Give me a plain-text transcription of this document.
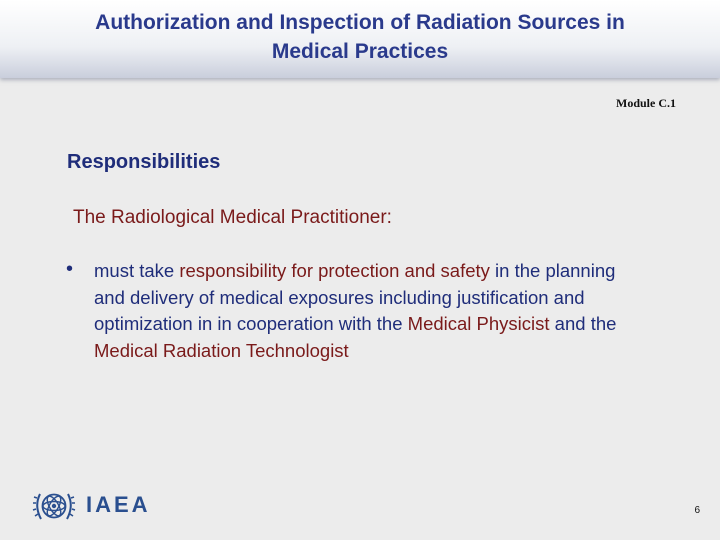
Authorization and Inspection of Radiation Sources in
Medical Practices
Module C.1
Responsibilities
The Radiological Medical Practitioner:
• must take responsibility for protection and safety in the planning and delivery of medical exposures including justification and optimization in in cooperation with the Medical Physicist and the Medical Radiation Technologist
IAEA	6
